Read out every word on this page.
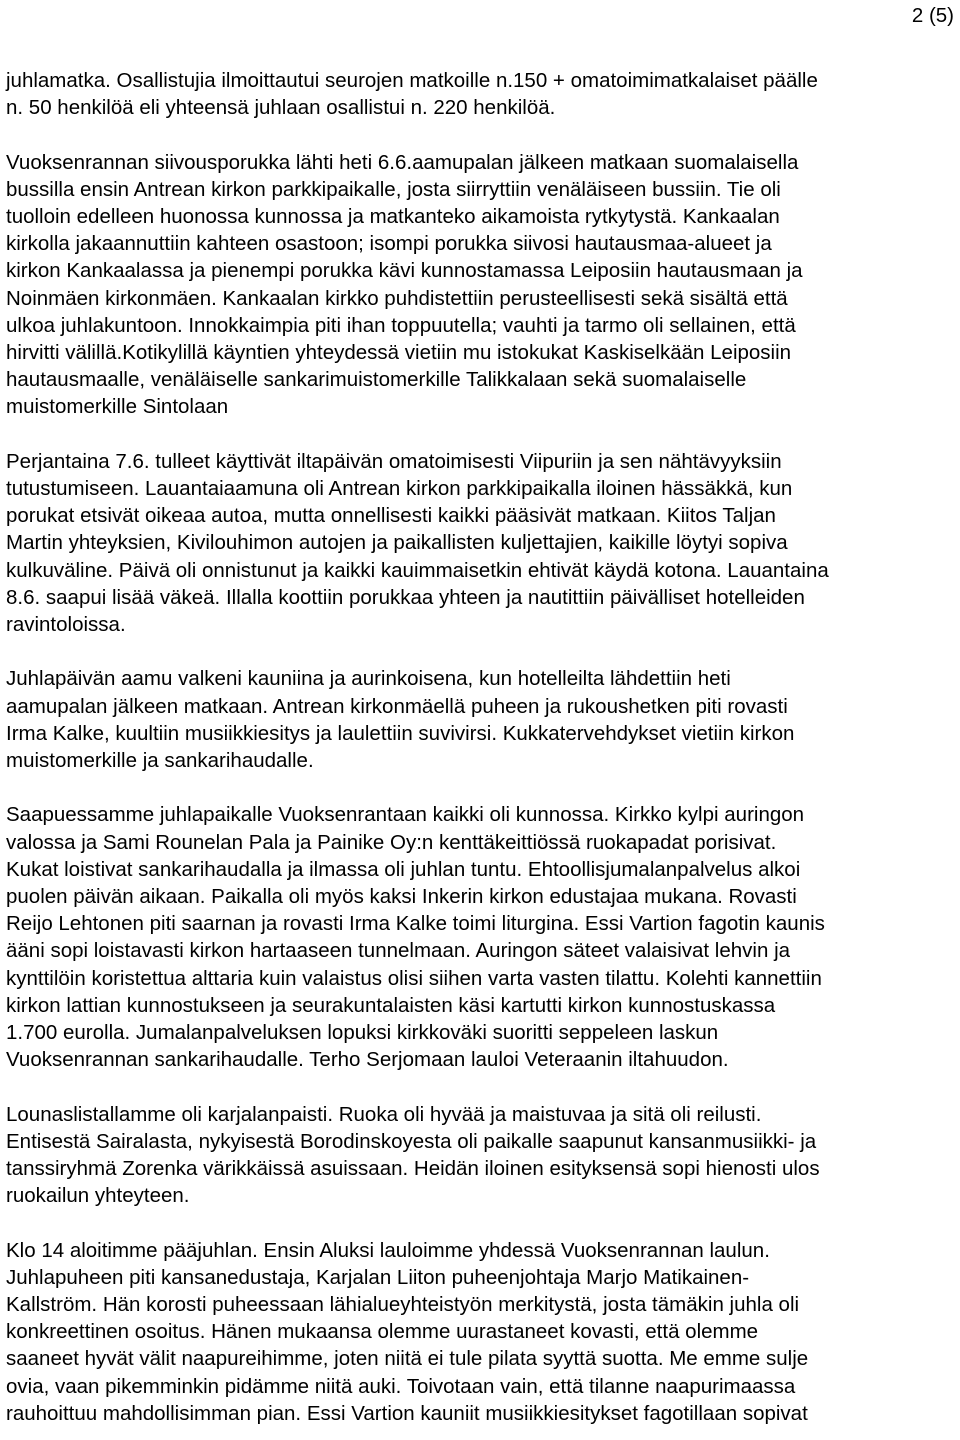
2 (5)
juhlamatka. Osallistujia ilmoittautui seurojen matkoille n.150 + omatoimimatkalaiset päälle
n. 50 henkilöä eli yhteensä juhlaan osallistui n. 220 henkilöä.
Vuoksenrannan siivousporukka lähti heti 6.6.aamupalan jälkeen matkaan suomalaisella
bussilla ensin Antrean kirkon parkkipaikalle, josta siirryttiin venäläiseen bussiin. Tie oli
tuolloin edelleen huonossa kunnossa ja matkanteko aikamoista rytkytystä. Kankaalan
kirkolla jakaannuttiin kahteen osastoon; isompi porukka siivosi hautausmaa-alueet ja
kirkon Kankaalassa ja pienempi porukka kävi kunnostamassa Leiposiin hautausmaan ja
Noinmäen kirkonmäen. Kankaalan kirkko puhdistettiin perusteellisesti sekä sisältä että
ulkoa juhlakuntoon. Innokkaimpia piti ihan toppuutella; vauhti ja tarmo oli sellainen, että
hirvitti välillä.Kotikylillä käyntien yhteydessä vietiin mu istokukat Kaskiselkään Leiposiin
hautausmaalle, venäläiselle sankarimuistomerkille Talikkalaan sekä suomalaiselle
muistomerkille Sintolaan
Perjantaina 7.6. tulleet käyttivät iltapäivän omatoimisesti Viipuriin ja sen nähtävyyksiin
tutustumiseen. Lauantaiaamuna oli Antrean kirkon parkkipaikalla iloinen hässäkkä, kun
porukat etsivät oikeaa autoa, mutta onnellisesti kaikki pääsivät matkaan. Kiitos Taljan
Martin yhteyksien, Kivilouhimon autojen ja paikallisten kuljettajien, kaikille löytyi sopiva
kulkuväline. Päivä oli onnistunut ja kaikki kauimmaisetkin ehtivät käydä kotona. Lauantaina
8.6. saapui lisää väkeä. Illalla koottiin porukkaa yhteen ja nautittiin päivälliset hotelleiden
ravintoloissa.
Juhlapäivän aamu valkeni kauniina ja aurinkoisena, kun hotelleilta lähdettiin heti
aamupalan jälkeen matkaan. Antrean kirkonmäellä puheen ja rukoushetken piti rovasti
Irma Kalke, kuultiin musiikkiesitys ja laulettiin suvivirsi. Kukkatervehdykset vietiin kirkon
muistomerkille ja sankarihaudalle.
Saapuessamme juhlapaikalle Vuoksenrantaan kaikki oli kunnossa. Kirkko kylpi auringon
valossa ja Sami Rounelan Pala ja Painike Oy:n kenttäkeittiössä ruokapadat porisivat.
Kukat loistivat sankarihaudalla ja ilmassa oli juhlan tuntu. Ehtoollisjumalanpalvelus alkoi
puolen päivän aikaan. Paikalla oli myös kaksi Inkerin kirkon edustajaa mukana. Rovasti
Reijo Lehtonen piti saarnan ja rovasti Irma Kalke toimi liturgina. Essi Vartion fagotin kaunis
ääni sopi loistavasti kirkon hartaaseen tunnelmaan. Auringon säteet valaisivat lehvin ja
kynttilöin koristettua alttaria kuin valaistus olisi siihen varta vasten tilattu. Kolehti kannettiin
kirkon lattian kunnostukseen ja seurakuntalaisten käsi kartutti kirkon kunnostuskassa
1.700 eurolla. Jumalanpalveluksen lopuksi kirkkoväki suoritti seppeleen laskun
Vuoksenrannan sankarihaudalle. Terho Serjomaan lauloi Veteraanin iltahuudon.
Lounaslistallamme oli karjalanpaisti. Ruoka oli hyvää ja maistuvaa ja sitä oli reilusti.
Entisestä Sairalasta, nykyisestä Borodinskoyesta oli paikalle saapunut kansanmusiikki- ja
tanssiryhmä Zorenka värikkäissä asuissaan. Heidän iloinen esityksensä sopi hienosti ulos
ruokailun yhteyteen.
Klo 14 aloitimme pääjuhlan. Ensin Aluksi lauloimme yhdessä Vuoksenrannan laulun.
Juhlapuheen piti kansanedustaja, Karjalan Liiton puheenjohtaja Marjo Matikainen-
Kallström. Hän korosti puheessaan lähialueyhteistyön merkitystä, josta tämäkin juhla oli
konkreettinen osoitus. Hänen mukaansa olemme uurastaneet kovasti, että olemme
saaneet hyvät välit naapureihimme, joten niitä ei tule pilata syyttä suotta. Me emme sulje
ovia, vaan pikemminkin pidämme niitä auki. Toivotaan vain, että tilanne naapurimaassa
rauhoittuu mahdollisimman pian. Essi Vartion kauniit musiikkiesitykset fagotillaan sopivat
